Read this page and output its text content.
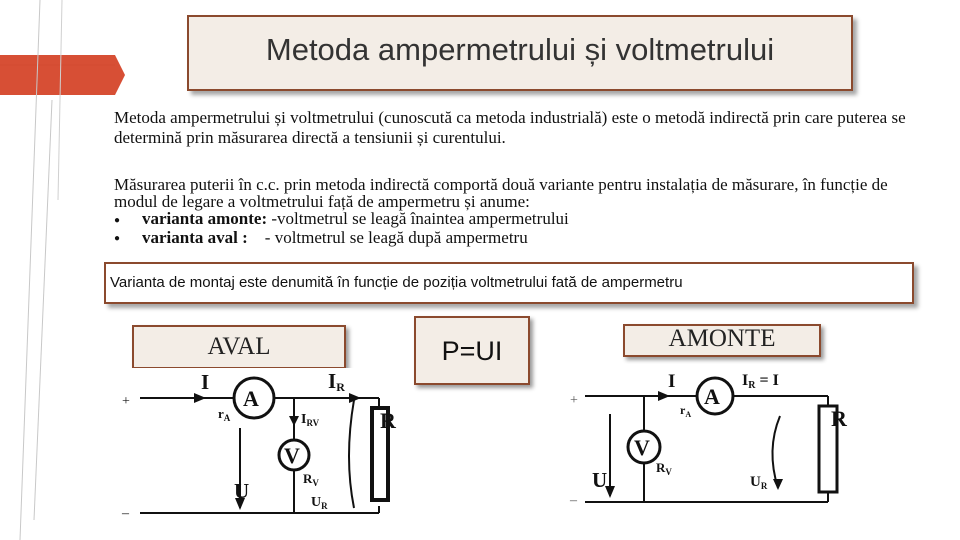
Metoda ampermetrului și voltmetrului
Metoda ampermetrului și voltmetrului (cunoscută ca metoda industrială) este o metodă indirectă prin care puterea se determină prin măsurarea directă a tensiunii și curentului.
Măsurarea puterii în c.c. prin metoda indirectă comportă două variante pentru instalația de măsurare, în funcție de modul de legare a voltmetrului față de ampermetru și anume:
● varianta amonte: -voltmetrul se leagă înaintea ampermetrului
● varianta aval :    - voltmetrul se leagă după ampermetru
Varianta de montaj este denumită în funcție de poziția voltmetrului fată de ampermetru
AVAL	P=UI	AMONTE
+
–
I
A
$r_A$
IR
$I_{RV}$
V
$R_V$
U	$U_R$
R
+
–
I
A
$r_A$
IR = I
V
$R_V$
U	$U_R$
R
